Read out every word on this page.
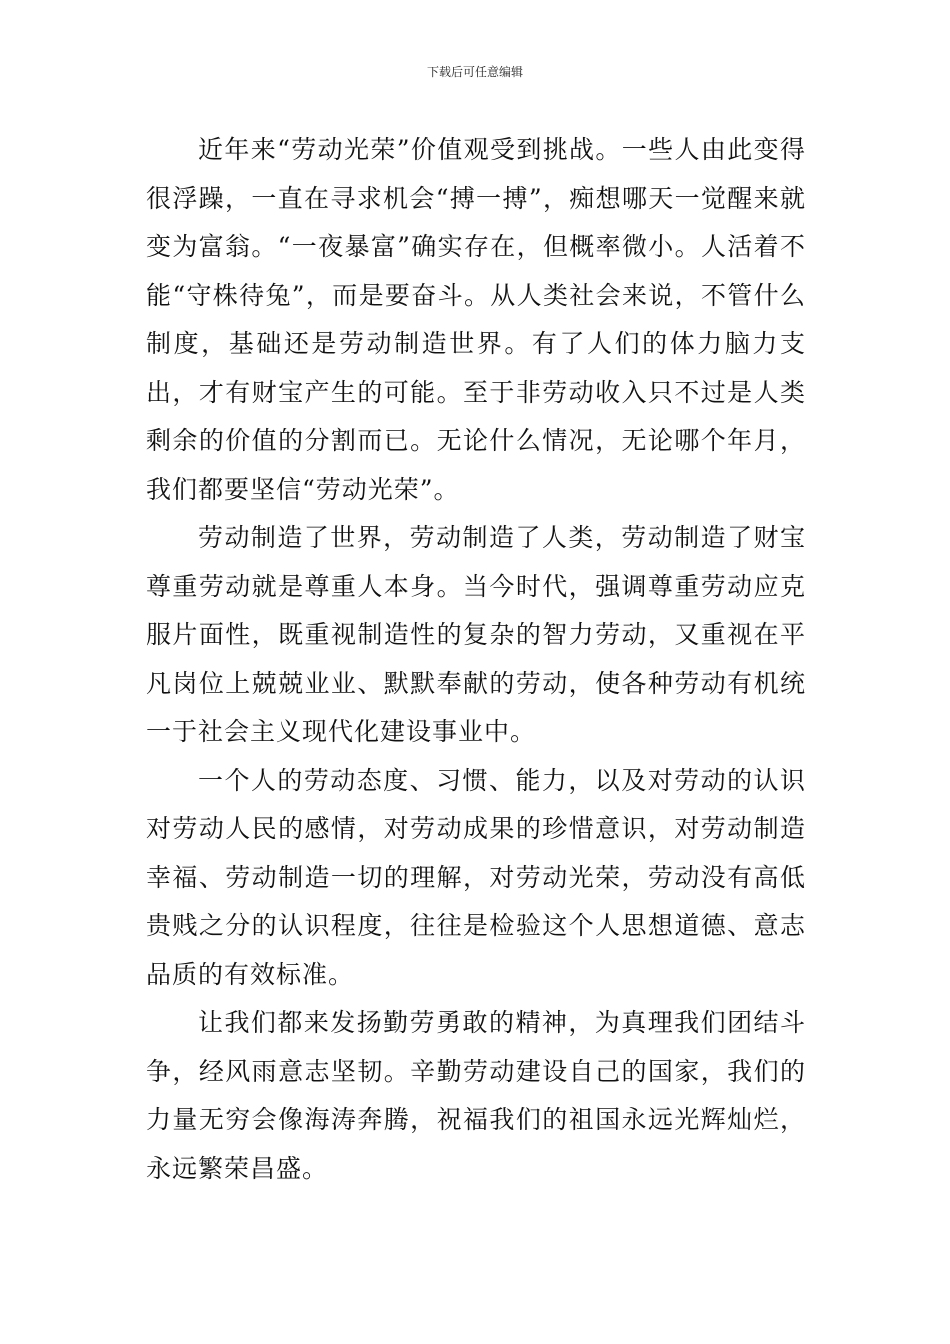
下载后可任意编辑

近年来“劳动光荣”价值观受到挑战。一些人由此变得很浮躁，一直在寻求机会“搏一搏”，痴想哪天一觉醒来就变为富翁。“一夜暴富”确实存在，但概率微小。人活着不能“守株待兔”，而是要奋斗。从人类社会来说，不管什么制度，基础还是劳动制造世界。有了人们的体力脑力支出，才有财宝产生的可能。至于非劳动收入只不过是人类剩余的价值的分割而已。无论什么情况，无论哪个年月，我们都要坚信“劳动光荣”。

劳动制造了世界，劳动制造了人类，劳动制造了财宝尊重劳动就是尊重人本身。当今时代，强调尊重劳动应克服片面性，既重视制造性的复杂的智力劳动，又重视在平凡岗位上兢兢业业、默默奉献的劳动，使各种劳动有机统一于社会主义现代化建设事业中。

一个人的劳动态度、习惯、能力，以及对劳动的认识对劳动人民的感情，对劳动成果的珍惜意识，对劳动制造幸福、劳动制造一切的理解，对劳动光荣，劳动没有高低贵贱之分的认识程度，往往是检验这个人思想道德、意志品质的有效标准。

让我们都来发扬勤劳勇敢的精神，为真理我们团结斗争，经风雨意志坚韧。辛勤劳动建设自己的国家，我们的力量无穷会像海涛奔腾，祝福我们的祖国永远光辉灿烂，永远繁荣昌盛。
